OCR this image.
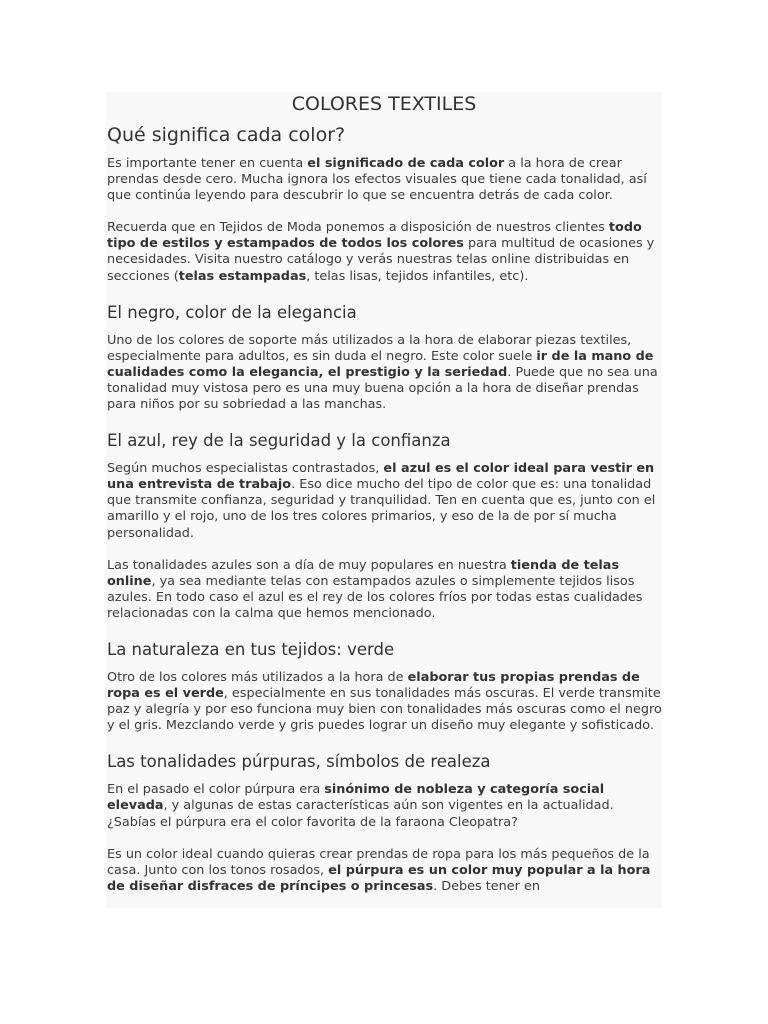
COLORES TEXTILES
Qué significa cada color?

Es importante tener en cuenta el significado de cada color a la hora de crear prendas desde cero. Mucha ignora los efectos visuales que tiene cada tonalidad, así que continúa leyendo para descubrir lo que se encuentra detrás de cada color.

Recuerda que en Tejidos de Moda ponemos a disposición de nuestros clientes todo tipo de estilos y estampados de todos los colores para multitud de ocasiones y necesidades. Visita nuestro catálogo y verás nuestras telas online distribuidas en secciones (telas estampadas, telas lisas, tejidos infantiles, etc).

El negro, color de la elegancia

Uno de los colores de soporte más utilizados a la hora de elaborar piezas textiles, especialmente para adultos, es sin duda el negro. Este color suele ir de la mano de cualidades como la elegancia, el prestigio y la seriedad. Puede que no sea una tonalidad muy vistosa pero es una muy buena opción a la hora de diseñar prendas para niños por su sobriedad a las manchas.

El azul, rey de la seguridad y la confianza

Según muchos especialistas contrastados, el azul es el color ideal para vestir en una entrevista de trabajo. Eso dice mucho del tipo de color que es: una tonalidad que transmite confianza, seguridad y tranquilidad. Ten en cuenta que es, junto con el amarillo y el rojo, uno de los tres colores primarios, y eso de la de por sí mucha personalidad.

Las tonalidades azules son a día de muy populares en nuestra tienda de telas online, ya sea mediante telas con estampados azules o simplemente tejidos lisos azules. En todo caso el azul es el rey de los colores fríos por todas estas cualidades relacionadas con la calma que hemos mencionado.

La naturaleza en tus tejidos: verde

Otro de los colores más utilizados a la hora de elaborar tus propias prendas de ropa es el verde, especialmente en sus tonalidades más oscuras. El verde transmite paz y alegría y por eso funciona muy bien con tonalidades más oscuras como el negro y el gris. Mezclando verde y gris puedes lograr un diseño muy elegante y sofisticado.

Las tonalidades púrpuras, símbolos de realeza

En el pasado el color púrpura era sinónimo de nobleza y categoría social elevada, y algunas de estas características aún son vigentes en la actualidad. ¿Sabías el púrpura era el color favorita de la faraona Cleopatra?

Es un color ideal cuando quieras crear prendas de ropa para los más pequeños de la casa. Junto con los tonos rosados, el púrpura es un color muy popular a la hora de diseñar disfraces de príncipes o princesas. Debes tener en
